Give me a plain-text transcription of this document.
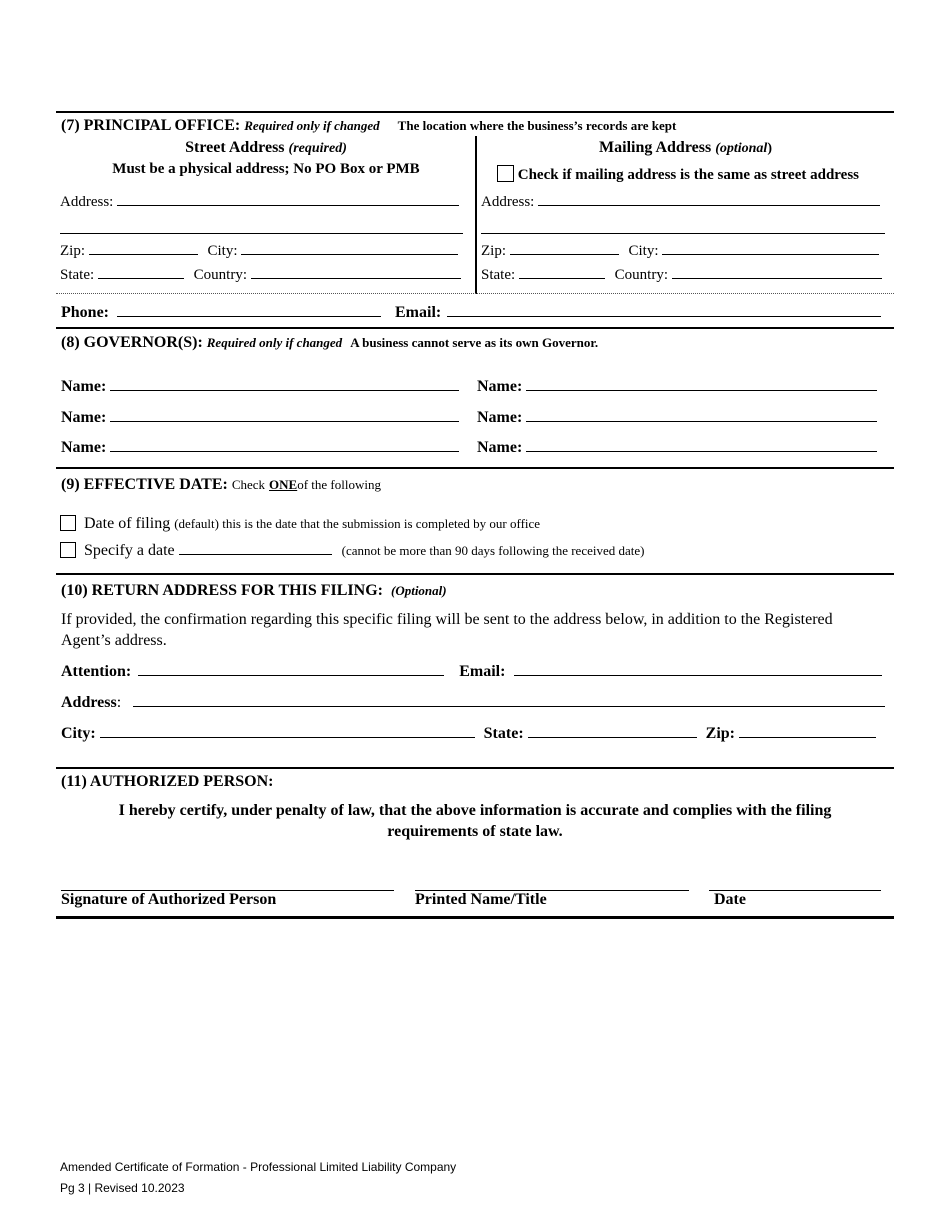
(7) PRINCIPAL OFFICE: Required only if changed The location where the business’s records are kept
Street Address (required)
Must be a physical address; No PO Box or PMB
Address:
Zip:	City:
State:	Country:
Mailing Address (optional)
Check if mailing address is the same as street address
Address:
Zip:	City:
State:	Country:
Phone:	Email:
(8) GOVERNOR(S): Required only if changed A business cannot serve as its own Governor.
Name:	Name:
Name:	Name:
Name:	Name:
(9) EFFECTIVE DATE: Check ONEof the following
Date of filing (default) this is the date that the submission is completed by our office
Specify a date	(cannot be more than 90 days following the received date)
(10) RETURN ADDRESS FOR THIS FILING: (Optional)
If provided, the confirmation regarding this specific filing will be sent to the address below, in addition to the Registered
Agent’s address.
Attention:	Email:
Address:
City:	State:	Zip:
(11) AUTHORIZED PERSON:
I hereby certify, under penalty of law, that the above information is accurate and complies with the filing
requirements of state law.
Signature of Authorized Person	Printed Name/Title	Date
Amended Certificate of Formation - Professional Limited Liability Company
Pg 3 | Revised 10.2023
